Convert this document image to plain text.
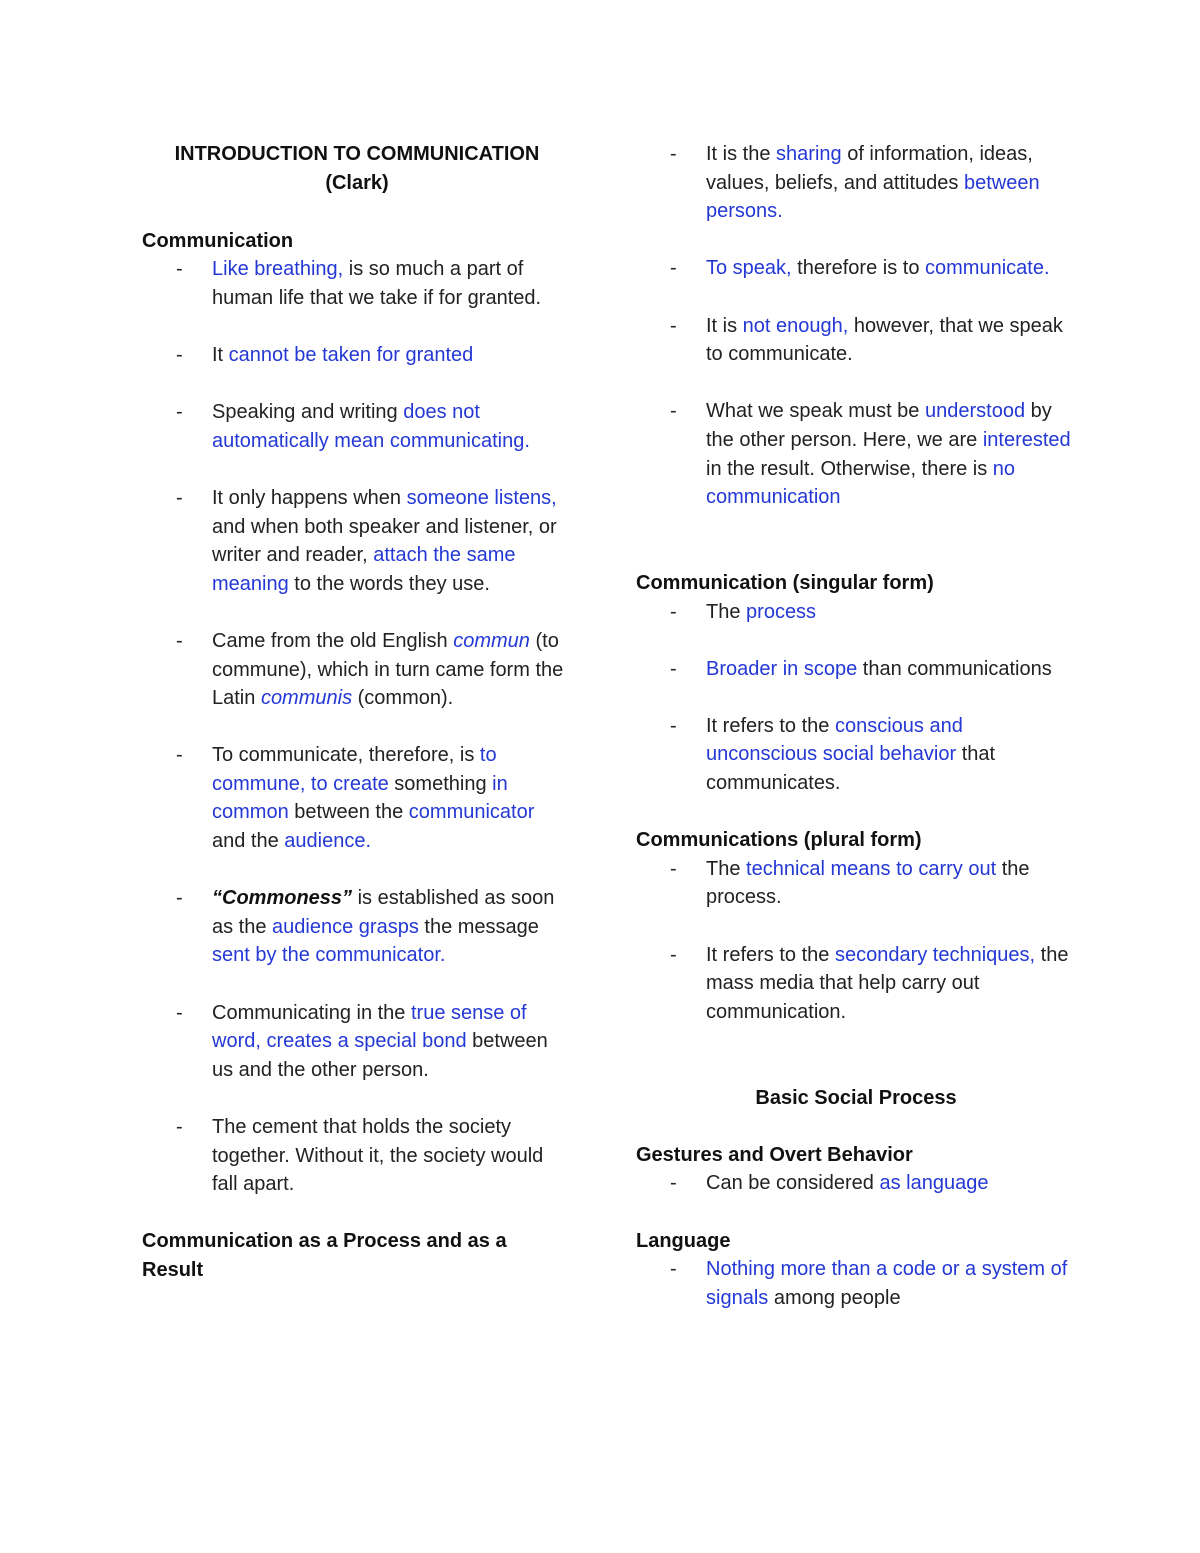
INTRODUCTION TO COMMUNICATION
(Clark)
Communication
- Like breathing, is so much a part of human life that we take if for granted.
- It cannot be taken for granted
- Speaking and writing does not automatically mean communicating.
- It only happens when someone listens, and when both speaker and listener, or writer and reader, attach the same meaning to the words they use.
- Came from the old English commun (to commune), which in turn came form the Latin communis (common).
- To communicate, therefore, is to commune, to create something in common between the communicator and the audience.
- “Commoness” is established as soon as the audience grasps the message sent by the communicator.
- Communicating in the true sense of word, creates a special bond between us and the other person.
- The cement that holds the society together. Without it, the society would fall apart.
Communication as a Process and as a Result
- It is the sharing of information, ideas, values, beliefs, and attitudes between persons.
- To speak, therefore is to communicate.
- It is not enough, however, that we speak to communicate.
- What we speak must be understood by the other person. Here, we are interested in the result. Otherwise, there is no communication
Communication (singular form)
- The process
- Broader in scope than communications
- It refers to the conscious and unconscious social behavior that communicates.
Communications (plural form)
- The technical means to carry out the process.
- It refers to the secondary techniques, the mass media that help carry out communication.
Basic Social Process
Gestures and Overt Behavior
- Can be considered as language
Language
- Nothing more than a code or a system of signals among people
